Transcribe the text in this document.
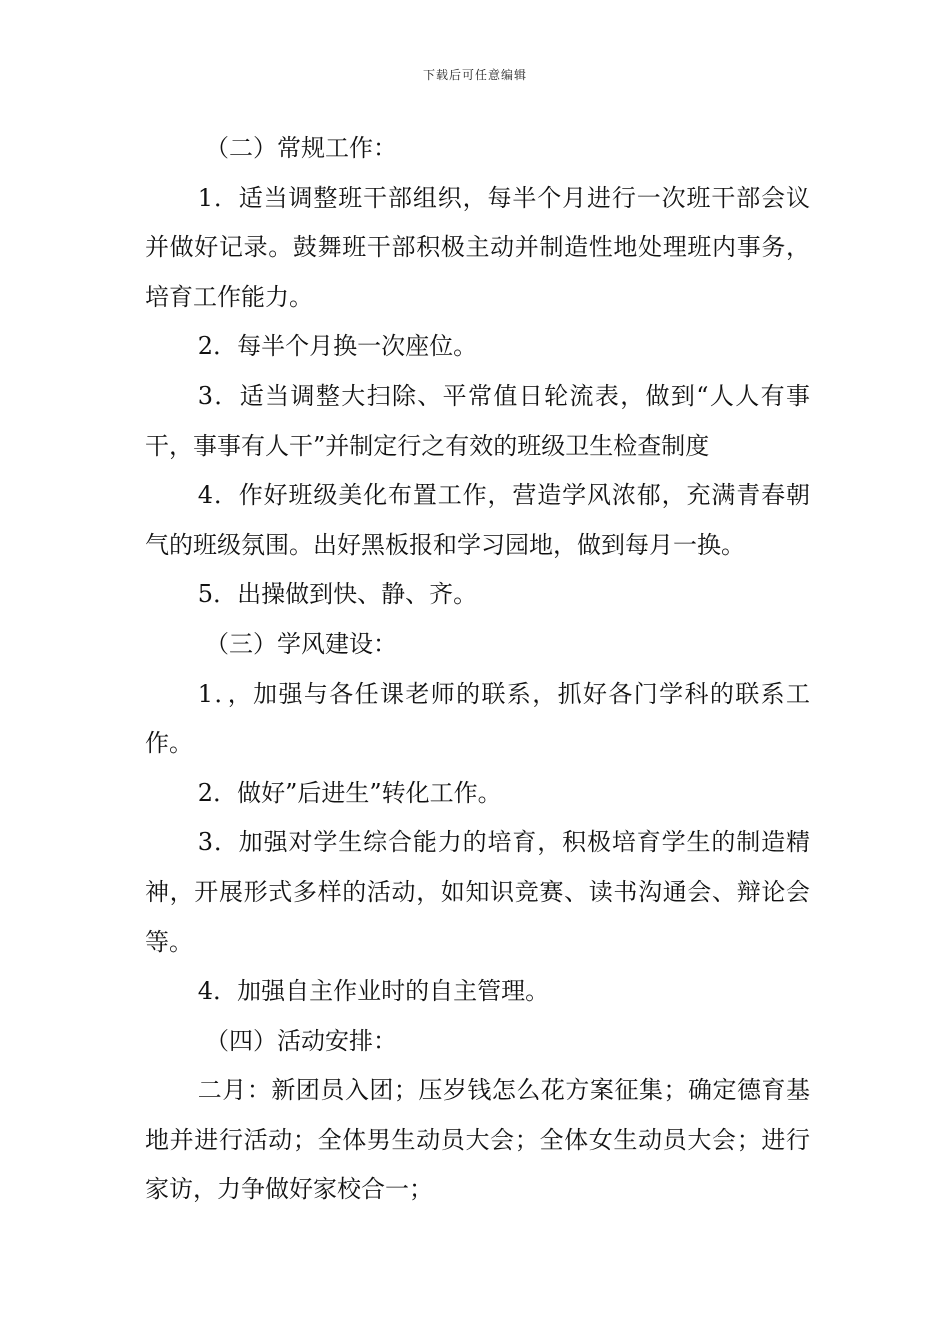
下载后可任意编辑

（二）常规工作：

1．适当调整班干部组织，每半个月进行一次班干部会议并做好记录。鼓舞班干部积极主动并制造性地处理班内事务，培育工作能力。

2．每半个月换一次座位。

3．适当调整大扫除、平常值日轮流表，做到“人人有事干，事事有人干”并制定行之有效的班级卫生检查制度

4．作好班级美化布置工作，营造学风浓郁，充满青春朝气的班级氛围。出好黑板报和学习园地，做到每月一换。

5．出操做到快、静、齐。

（三）学风建设：

1．，加强与各任课老师的联系，抓好各门学科的联系工作。

2．做好”后进生”转化工作。

3．加强对学生综合能力的培育，积极培育学生的制造精神，开展形式多样的活动，如知识竞赛、读书沟通会、辩论会等。

4．加强自主作业时的自主管理。

（四）活动安排：

二月：新团员入团；压岁钱怎么花方案征集；确定德育基地并进行活动；全体男生动员大会；全体女生动员大会；进行家访，力争做好家校合一；
